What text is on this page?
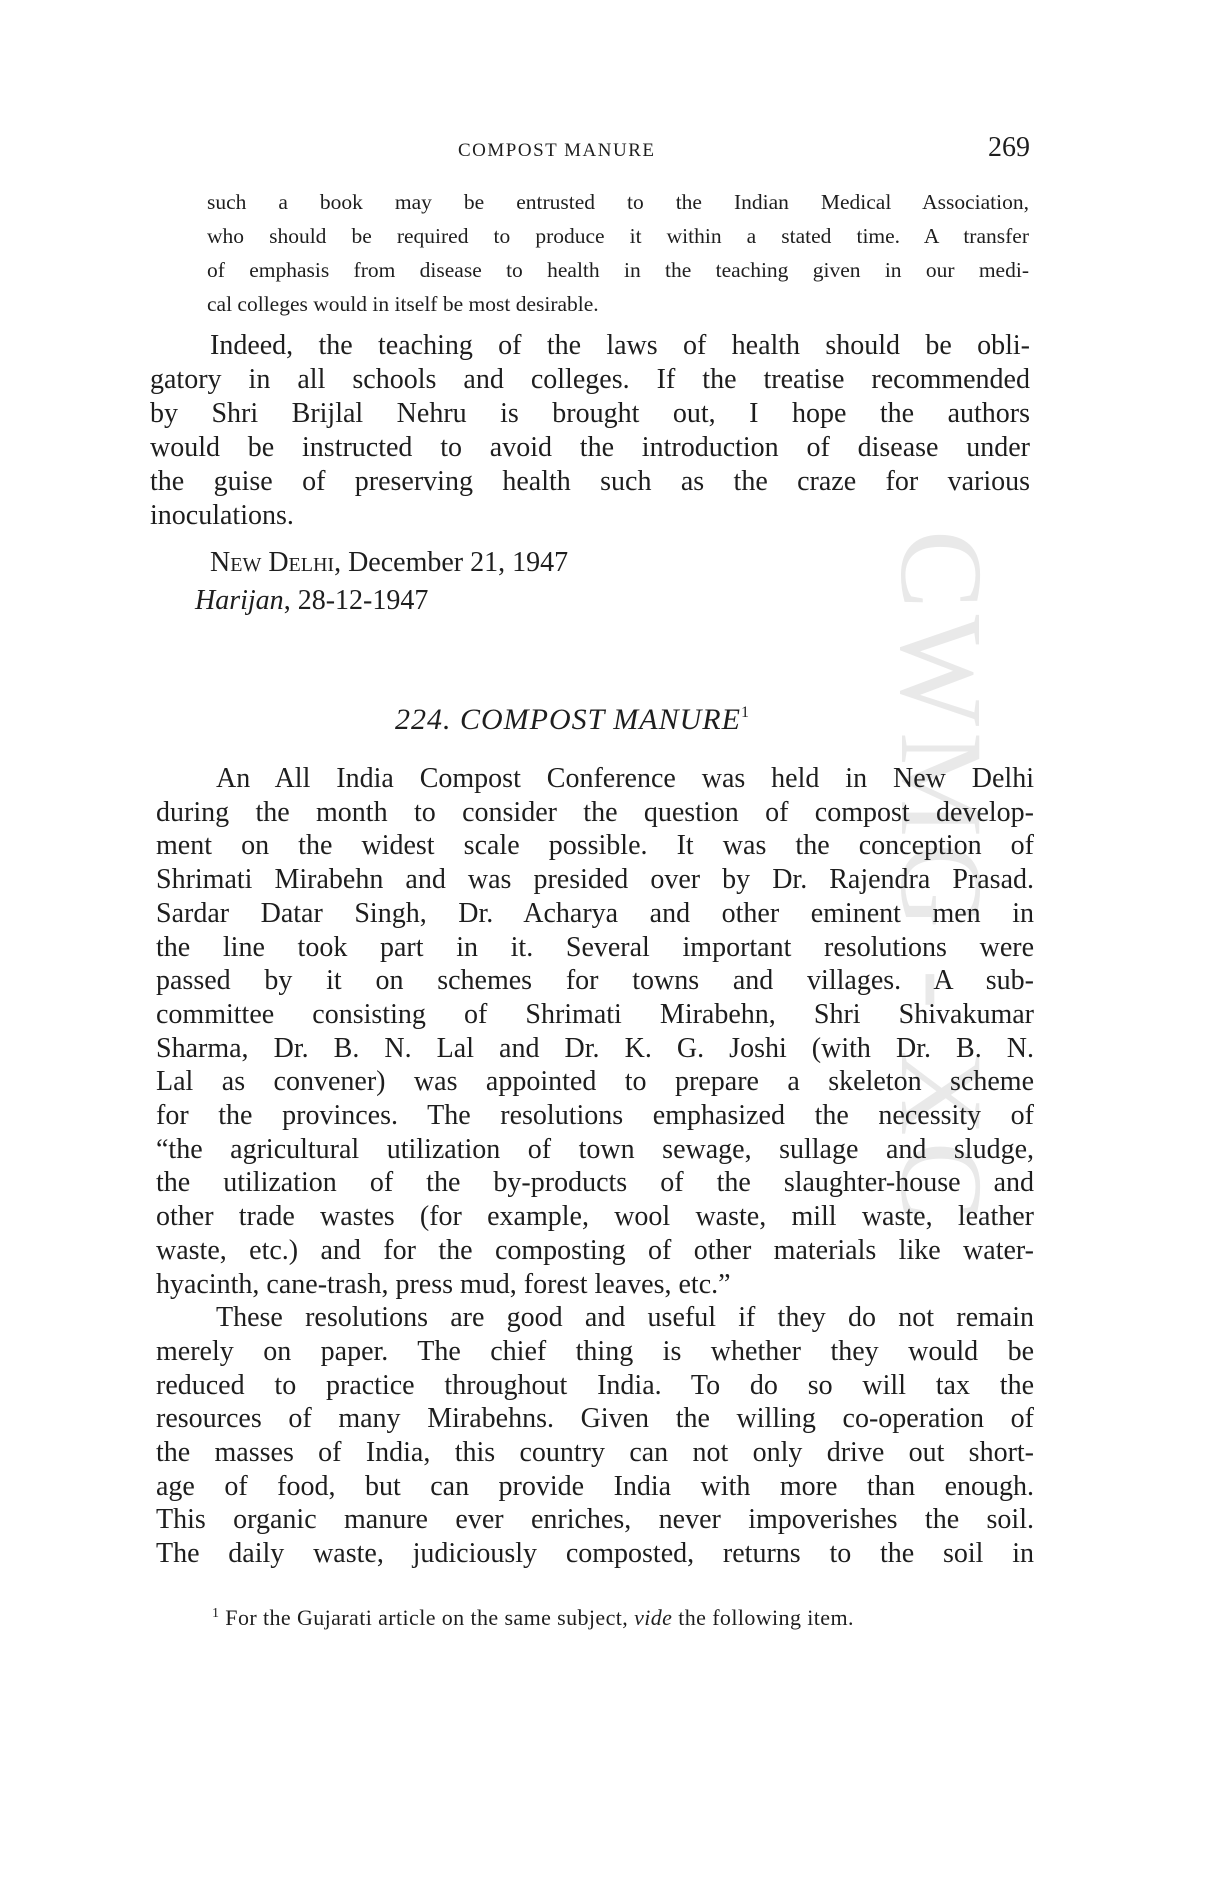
CWMG - XC
COMPOST MANURE	269
such a book may be entrusted to the Indian Medical Association,
who should be required to produce it within a stated time. A transfer
of emphasis from disease to health in the teaching given in our medi-
cal colleges would in itself be most desirable.
Indeed, the teaching of the laws of health should be obli-
gatory in all schools and colleges. If the treatise recommended
by Shri Brijlal Nehru is brought out, I hope the authors
would be instructed to avoid the introduction of disease under
the guise of preserving health such as the craze for various
inoculations.
New Delhi, December 21, 1947
Harijan, 28-12-1947
224. COMPOST MANURE$^1$
An All India Compost Conference was held in New Delhi
during the month to consider the question of compost develop-
ment on the widest scale possible. It was the conception of
Shrimati Mirabehn and was presided over by Dr. Rajendra Prasad.
Sardar Datar Singh, Dr. Acharya and other eminent men in
the line took part in it. Several important resolutions were
passed by it on schemes for towns and villages. A sub-
committee consisting of Shrimati Mirabehn, Shri Shivakumar
Sharma, Dr. B. N. Lal and Dr. K. G. Joshi (with Dr. B. N.
Lal as convener) was appointed to prepare a skeleton scheme
for the provinces. The resolutions emphasized the necessity of
“the agricultural utilization of town sewage, sullage and sludge,
the utilization of the by-products of the slaughter-house and
other trade wastes (for example, wool waste, mill waste, leather
waste, etc.) and for the composting of other materials like water-
hyacinth, cane-trash, press mud, forest leaves, etc.”
These resolutions are good and useful if they do not remain
merely on paper. The chief thing is whether they would be
reduced to practice throughout India. To do so will tax the
resources of many Mirabehns. Given the willing co-operation of
the masses of India, this country can not only drive out short-
age of food, but can provide India with more than enough.
This organic manure ever enriches, never impoverishes the soil.
The daily waste, judiciously composted, returns to the soil in
$^1$ For the Gujarati article on the same subject, vide the following item.
